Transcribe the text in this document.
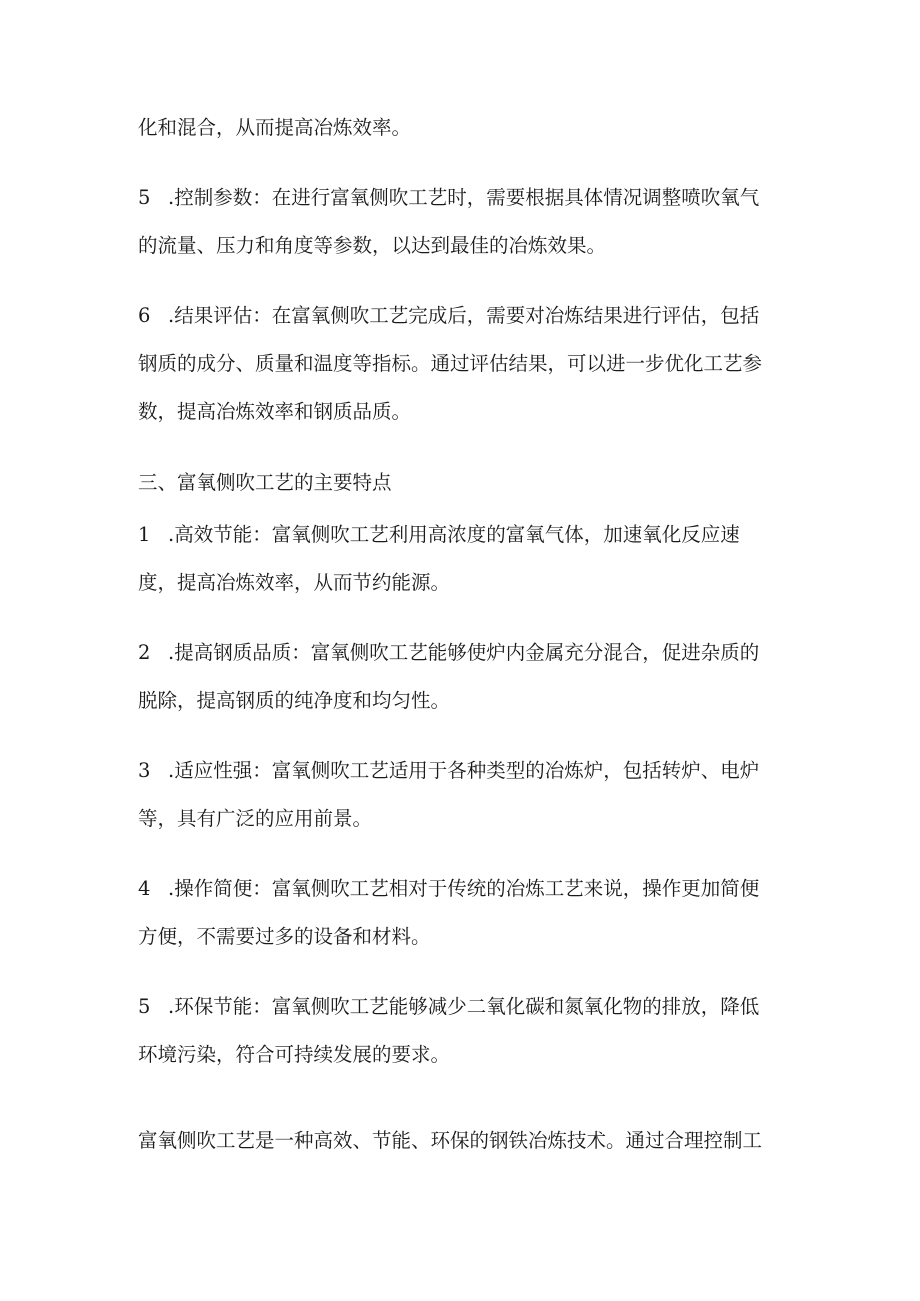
化和混合，从而提高冶炼效率。
5 .控制参数：在进行富氧侧吹工艺时，需要根据具体情况调整喷吹氧气
的流量、压力和角度等参数，以达到最佳的冶炼效果。
6 .结果评估：在富氧侧吹工艺完成后，需要对冶炼结果进行评估，包括
钢质的成分、质量和温度等指标。通过评估结果，可以进一步优化工艺参
数，提高冶炼效率和钢质品质。
三、富氧侧吹工艺的主要特点
1 .高效节能：富氧侧吹工艺利用高浓度的富氧气体，加速氧化反应速
度，提高冶炼效率，从而节约能源。
2 .提高钢质品质：富氧侧吹工艺能够使炉内金属充分混合，促进杂质的
脱除，提高钢质的纯净度和均匀性。
3 .适应性强：富氧侧吹工艺适用于各种类型的冶炼炉，包括转炉、电炉
等，具有广泛的应用前景。
4 .操作简便：富氧侧吹工艺相对于传统的冶炼工艺来说，操作更加简便
方便，不需要过多的设备和材料。
5 .环保节能：富氧侧吹工艺能够减少二氧化碳和氮氧化物的排放，降低
环境污染，符合可持续发展的要求。
富氧侧吹工艺是一种高效、节能、环保的钢铁冶炼技术。通过合理控制工
